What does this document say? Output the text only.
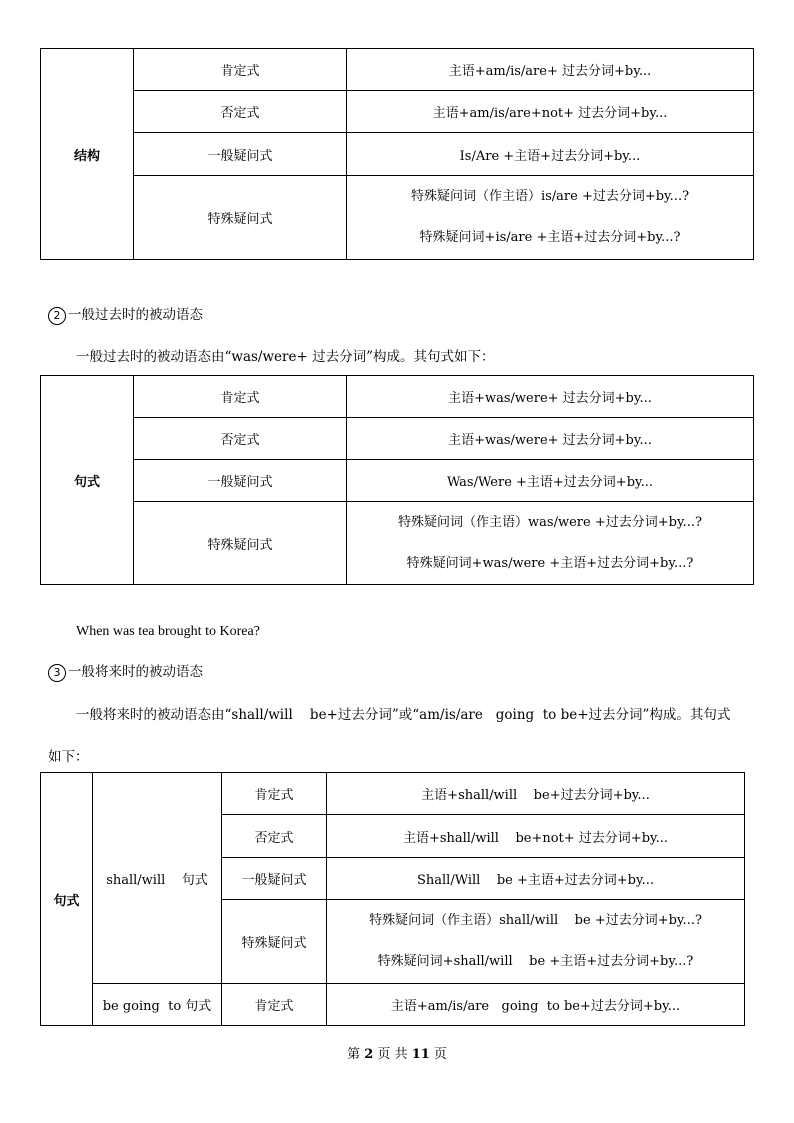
结构	肯定式	主语+am/is/are+ 过去分词+by...
	否定式	主语+am/is/are+not+ 过去分词+by...
	一般疑问式	Is/Are +主语+过去分词+by...
	特殊疑问式	特殊疑问词（作主语）is/are +过去分词+by...?
特殊疑问词+is/are +主语+过去分词+by...?
2 一般过去时的被动语态
一般过去时的被动语态由“was/were+ 过去分词”构成。其句式如下：
句式	肯定式	主语+was/were+ 过去分词+by...
	否定式	主语+was/were+ 过去分词+by...
	一般疑问式	Was/Were +主语+过去分词+by...
	特殊疑问式	特殊疑问词（作主语）was/were +过去分词+by...?
特殊疑问词+was/were +主语+过去分词+by...?
When was tea brought to Korea?
3 一般将来时的被动语态
一般将来时的被动语态由“shall/will    be+过去分词”或“am/is/are   going  to be+过去分词”构成。其句式
如下：
句式	shall/will    句式	肯定式	主语+shall/will    be+过去分词+by...
		否定式	主语+shall/will    be+not+ 过去分词+by...
		一般疑问式	Shall/Will    be +主语+过去分词+by...
		特殊疑问式	特殊疑问词（作主语）shall/will    be +过去分词+by...?
特殊疑问词+shall/will    be +主语+过去分词+by...?

	be going  to 句式	肯定式	主语+am/is/are   going  to be+过去分词+by...
第 2 页 共 11 页
